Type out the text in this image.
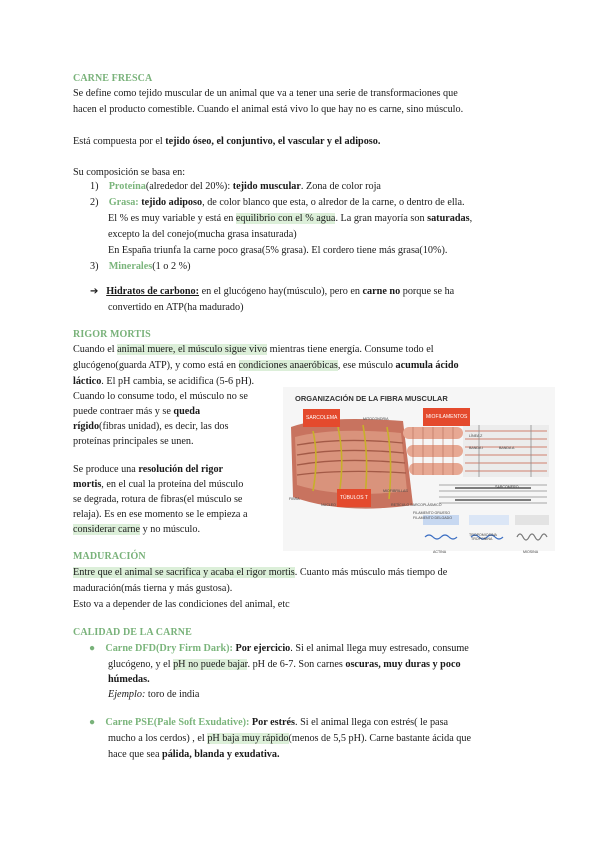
CARNE FRESCA
Se define como tejido muscular de un animal que va a tener una serie de transformaciones que
hacen el producto comestible. Cuando el animal está vivo lo que hay no es carne, sino músculo.
Está compuesta por el tejido óseo, el conjuntivo, el vascular y el adiposo.
Su composición se basa en:
1) Proteína(alrededor del 20%): tejido muscular. Zona de color roja
2) Grasa: tejido adiposo, de color blanco que esta, o alredor de la carne, o dentro de ella.
El % es muy variable y está en equilibrio con el % agua. La gran mayoría son saturadas,
excepto la del conejo(mucha grasa insaturada)
En España triunfa la carne poco grasa(5% grasa). El cordero tiene más grasa(10%).
3) Minerales(1 o 2 %)
➔ Hidratos de carbono: en el glucógeno hay(músculo), pero en carne no porque se ha
convertido en ATP(ha madurado)
RIGOR MORTIS
Cuando el animal muere, el músculo sigue vivo mientras tiene energía. Consume todo el
glucógeno(guarda ATP), y como está en condiciones anaeróbicas, ese músculo acumula ácido
láctico. El pH cambia, se acidifica (5-6 pH).
Cuando lo consume todo, el músculo no se
puede contraer más y se queda
rígido(fibras unidad), es decir, las dos
proteínas principales se unen.
Se produce una resolución del rigor
mortis, en el cual la proteína del músculo
se degrada, rotura de fibras(el músculo se
relaja). Es en ese momento se le empieza a
considerar carne y no músculo.
ORGANIZACIÓN DE LA FIBRA MUSCULAR
SARCOLEMA	MIOFILAMENTOS
MITOCONDRIA
MIOFIBRILLAS
TÚBULOS T
FIBRA
NUCLEO	RETÍCULO SARCOPLÁSMICO
SARCOMERO
LÍNEA Z
BANDA I	BANDA A
FILAMENTO GRUESO
FILAMENTO DELGADO
TROPOMIOSINA
TROPONINA
ACTINA	MIOSINA
MADURACIÓN
Entre que el animal se sacrifica y acaba el rigor mortis. Cuanto más músculo más tiempo de
maduración(más tierna y más gustosa).
Esto va a depender de las condiciones del animal, etc
CALIDAD DE LA CARNE
● Carne DFD(Dry Firm Dark): Por ejercicio. Si el animal llega muy estresado, consume
glucógeno, y el pH no puede bajar. pH de 6-7. Son carnes oscuras, muy duras y poco
húmedas.
Ejemplo: toro de india
● Carne PSE(Pale Soft Exudative): Por estrés. Si el animal llega con estrés( le pasa
mucho a los cerdos) , el pH baja muy rápido(menos de 5,5 pH). Carne bastante ácida que
hace que sea pálida, blanda y exudativa.
